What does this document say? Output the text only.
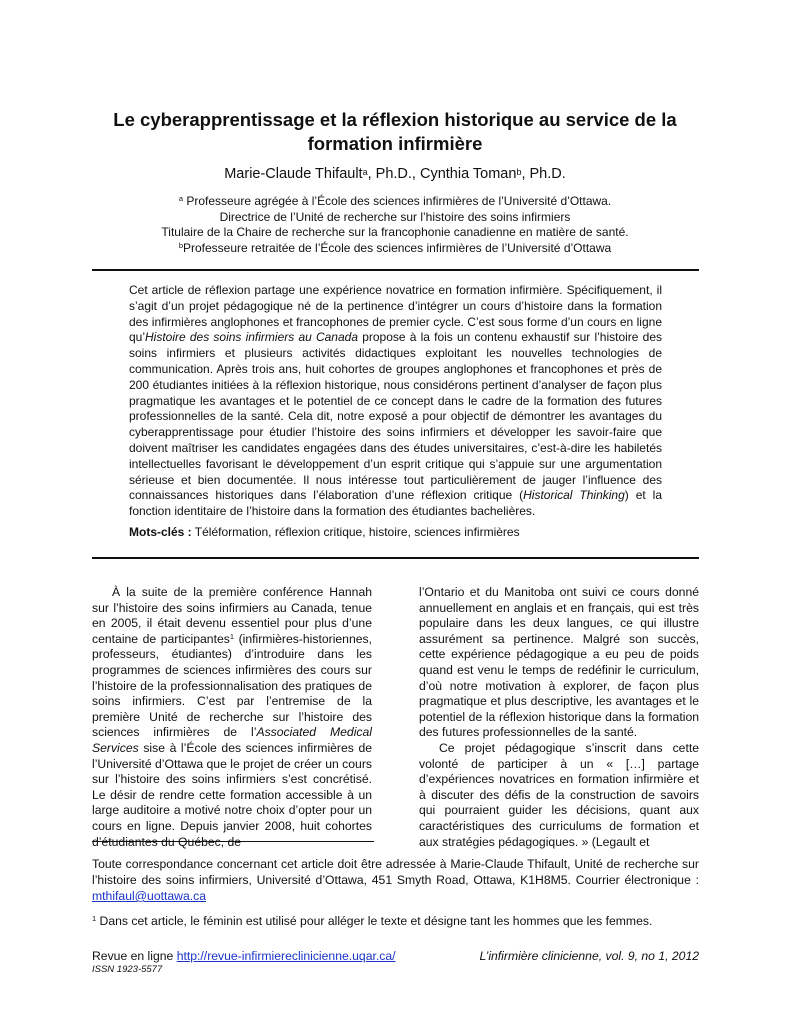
Le cyberapprentissage et la réflexion historique au service de la
formation infirmière
Marie-Claude Thifault$^a$, Ph.D., Cynthia Toman$^b$, Ph.D.
$^a$ Professeure agrégée à l’École des sciences infirmières de l’Université d’Ottawa.
Directrice de l’Unité de recherche sur l’histoire des soins infirmiers
Titulaire de la Chaire de recherche sur la francophonie canadienne en matière de santé.
$^b$Professeure retraitée de l’École des sciences infirmières de l’Université d’Ottawa
Cet article de réflexion partage une expérience novatrice en formation infirmière. Spécifiquement, il s’agit d’un projet pédagogique né de la pertinence d’intégrer un cours d’histoire dans la formation des infirmières anglophones et francophones de premier cycle. C’est sous forme d’un cours en ligne qu’Histoire des soins infirmiers au Canada propose à la fois un contenu exhaustif sur l’histoire des soins infirmiers et plusieurs activités didactiques exploitant les nouvelles technologies de communication. Après trois ans, huit cohortes de groupes anglophones et francophones et près de 200 étudiantes initiées à la réflexion historique, nous considérons pertinent d’analyser de façon plus pragmatique les avantages et le potentiel de ce concept dans le cadre de la formation des futures professionnelles de la santé. Cela dit, notre exposé a pour objectif de démontrer les avantages du cyberapprentissage pour étudier l’histoire des soins infirmiers et développer les savoir-faire que doivent maîtriser les candidates engagées dans des études universitaires, c’est-à-dire les habiletés intellectuelles favorisant le développement d’un esprit critique qui s’appuie sur une argumentation sérieuse et bien documentée. Il nous intéresse tout particulièrement de jauger l’influence des connaissances historiques dans l’élaboration d’une réflexion critique (Historical Thinking) et la fonction identitaire de l’histoire dans la formation des étudiantes bachelières.
Mots-clés : Téléformation, réflexion critique, histoire, sciences infirmières

À la suite de la première conférence Hannah sur l’histoire des soins infirmiers au Canada, tenue en 2005, il était devenu essentiel pour plus d’une centaine de participantes$^1$ (infirmières-historiennes, professeurs, étudiantes) d’introduire dans les programmes de sciences infirmières des cours sur l’histoire de la professionnalisation des pratiques de soins infirmiers. C’est par l’entremise de la première Unité de recherche sur l’histoire des sciences infirmières de l’Associated Medical Services sise à l’École des sciences infirmières de l’Université d’Ottawa que le projet de créer un cours sur l’histoire des soins infirmiers s’est concrétisé. Le désir de rendre cette formation accessible à un large auditoire a motivé notre choix d’opter pour un cours en ligne. Depuis janvier 2008, huit cohortes d’étudiantes du Québec, de

l’Ontario et du Manitoba ont suivi ce cours donné annuellement en anglais et en français, qui est très populaire dans les deux langues, ce qui illustre assurément sa pertinence. Malgré son succès, cette expérience pédagogique a eu peu de poids quand est venu le temps de redéfinir le curriculum, d’où notre motivation à explorer, de façon plus pragmatique et plus descriptive, les avantages et le potentiel de la réflexion historique dans la formation des futures professionnelles de la santé.

Ce projet pédagogique s’inscrit dans cette volonté de participer à un « […] partage d’expériences novatrices en formation infirmière et à discuter des défis de la construction de savoirs qui pourraient guider les décisions, quant aux caractéristiques des curriculums de formation et aux stratégies pédagogiques. » (Legault et

Toute correspondance concernant cet article doit être adressée à Marie-Claude Thifault, Unité de recherche sur l’histoire des soins infirmiers, Université d’Ottawa, 451 Smyth Road, Ottawa, K1H8M5. Courrier électronique : mthifaul@uottawa.ca
$^1$ Dans cet article, le féminin est utilisé pour alléger le texte et désigne tant les hommes que les femmes.
Revue en ligne http://revue-infirmiereclinicienne.uqar.ca/
ISSN 1923-5577
L’infirmière clinicienne, vol. 9, no 1, 2012
